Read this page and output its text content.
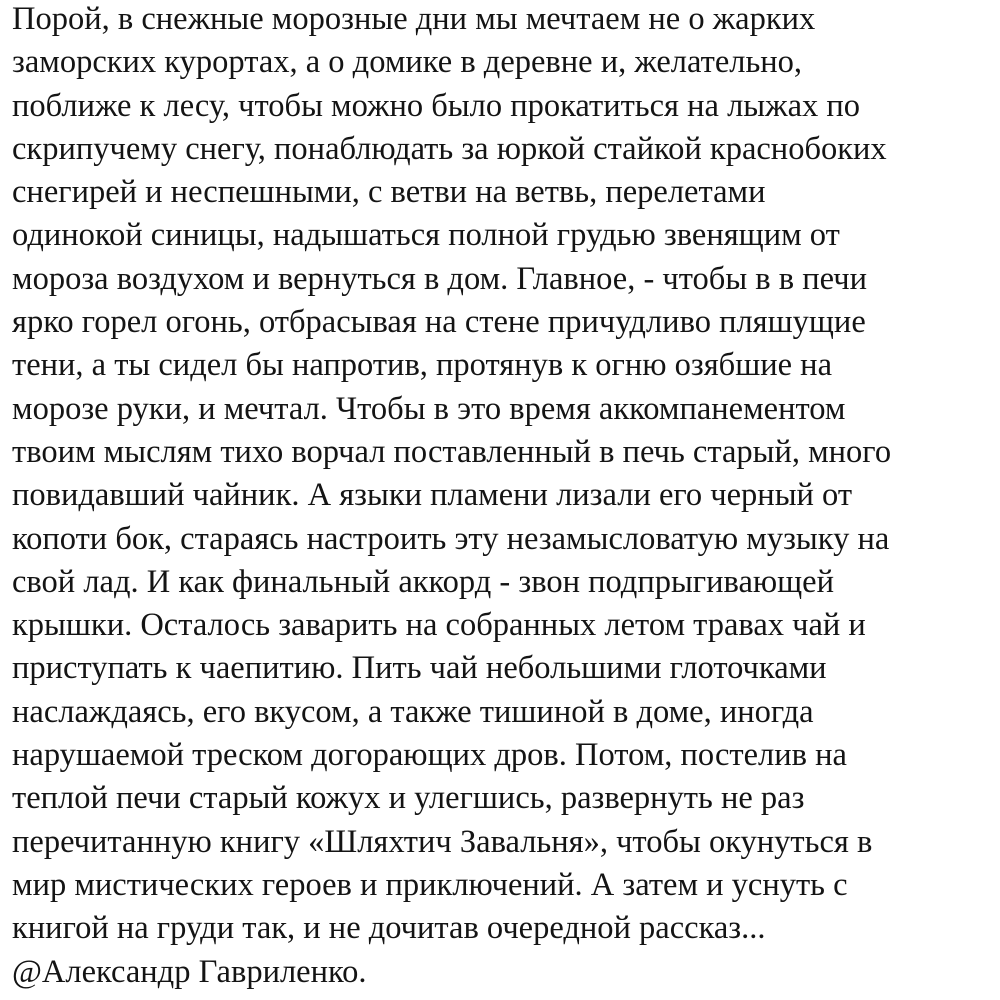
Порой, в снежные морозные дни мы мечтаем не о жарких
заморских курортах, а о домике в деревне и, желательно,
поближе к лесу, чтобы можно было прокатиться на лыжах по
скрипучему снегу, понаблюдать за юркой стайкой краснобоких
снегирей и неспешными, с ветви на ветвь, перелетами
одинокой синицы, надышаться полной грудью звенящим от
мороза воздухом и вернуться в дом. Главное, - чтобы в в печи
ярко горел огонь, отбрасывая на стене причудливо пляшущие
тени, а ты сидел бы напротив, протянув к огню озябшие на
морозе руки, и мечтал. Чтобы в это время аккомпанементом
твоим мыслям тихо ворчал поставленный в печь старый, много
повидавший чайник. А языки пламени лизали его черный от
копоти бок, стараясь настроить эту незамысловатую музыку на
свой лад. И как финальный аккорд - звон подпрыгивающей
крышки. Осталось заварить на собранных летом травах чай и
приступать к чаепитию. Пить чай небольшими глоточками
наслаждаясь, его вкусом, а также тишиной в доме, иногда
нарушаемой треском догорающих дров. Потом, постелив на
теплой печи старый кожух и улегшись, развернуть не раз
перечитанную книгу «Шляхтич Завальня», чтобы окунуться в
мир мистических героев и приключений. А затем и уснуть с
книгой на груди так, и не дочитав очередной рассказ...
@Александр Гавриленко.
